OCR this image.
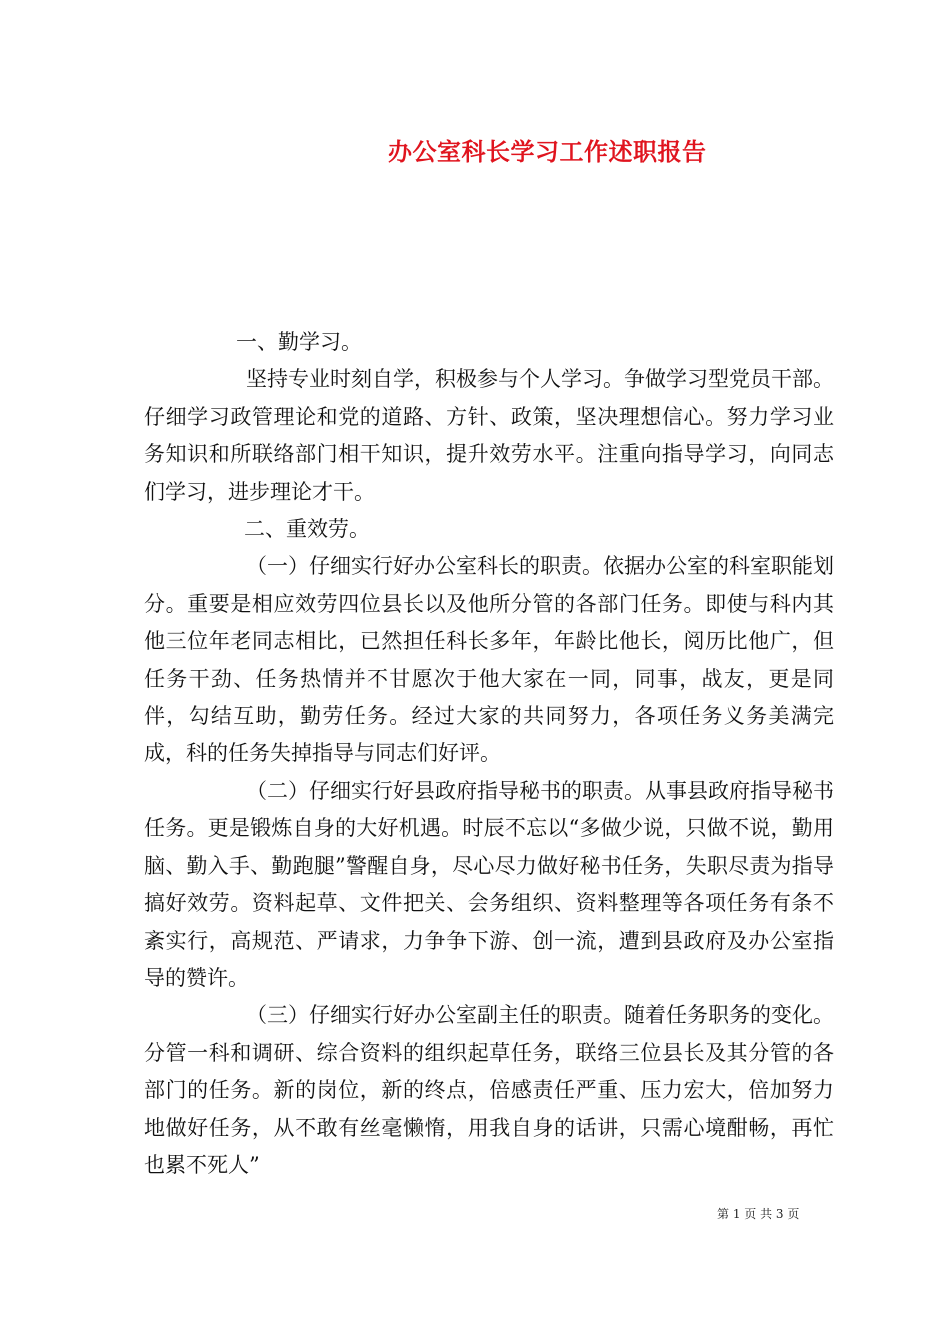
办公室科长学习工作述职报告

一、勤学习。

坚持专业时刻自学，积极参与个人学习。争做学习型党员干部。仔细学习政管理论和党的道路、方针、政策，坚决理想信心。努力学习业务知识和所联络部门相干知识，提升效劳水平。注重向指导学习，向同志们学习，进步理论才干。

二、重效劳。

（一）仔细实行好办公室科长的职责。依据办公室的科室职能划分。重要是相应效劳四位县长以及他所分管的各部门任务。即使与科内其他三位年老同志相比，已然担任科长多年，年龄比他长，阅历比他广，但任务干劲、任务热情并不甘愿次于他大家在一同，同事，战友，更是同伴，勾结互助，勤劳任务。经过大家的共同努力，各项任务义务美满完成，科的任务失掉指导与同志们好评。

（二）仔细实行好县政府指导秘书的职责。从事县政府指导秘书任务。更是锻炼自身的大好机遇。时辰不忘以“多做少说，只做不说，勤用脑、勤入手、勤跑腿”警醒自身，尽心尽力做好秘书任务，失职尽责为指导搞好效劳。资料起草、文件把关、会务组织、资料整理等各项任务有条不紊实行，高规范、严请求，力争争下游、创一流，遭到县政府及办公室指导的赞许。

（三）仔细实行好办公室副主任的职责。随着任务职务的变化。分管一科和调研、综合资料的组织起草任务，联络三位县长及其分管的各部门的任务。新的岗位，新的终点，倍感责任严重、压力宏大，倍加努力地做好任务，从不敢有丝毫懒惰，用我自身的话讲，只需心境酣畅，再忙也累不死人”

第 1 页 共 3 页
